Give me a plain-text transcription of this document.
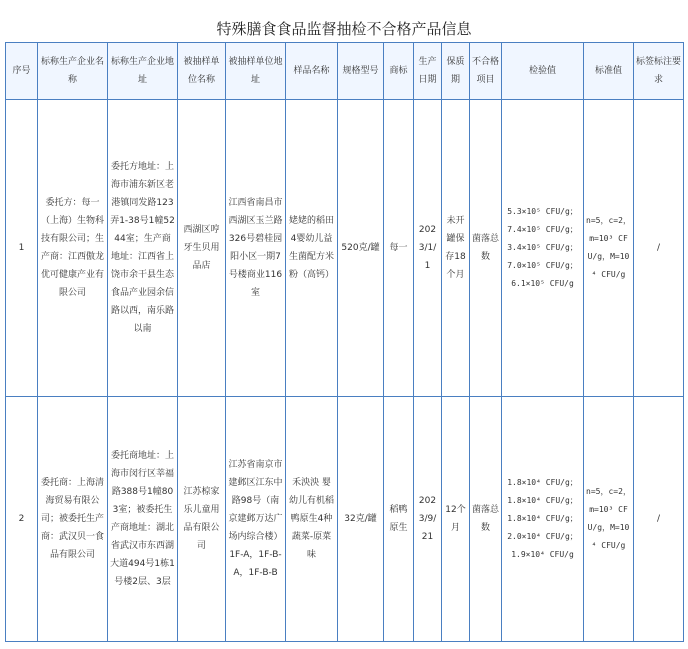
特殊膳食食品监督抽检不合格产品信息
序号	标称生产企业名称	标称生产企业地址	被抽样单位名称	被抽样单位地址	样品名称	规格型号	商标	生产日期	保质期	不合格项目	检验值	标准值	标签标注要求
1	委托方：每一（上海）生物科技有限公司；生产商：江西傲龙优可健康产业有限公司	委托方地址：上海市浦东新区老港镇同发路123弄1-38号1幢5244室；生产商地址：江西省上饶市余干县生态食品产业园余信路以西，南乐路以南	西湖区哼牙生贝用品店	江西省南昌市西湖区玉兰路326号碧桂园阳小区一期7号楼商业116室	姥姥的稻田4婴幼儿益生菌配方米粉（高钙）	520克/罐	每一	2023/1/1	未开罐保存18个月	菌落总数	5.3×10⁵ CFU/g；7.4×10⁵ CFU/g；3.4×10⁵ CFU/g；7.0×10⁵ CFU/g；6.1×10⁵ CFU/g	n=5，c=2，m=10³ CFU/g，M=10⁴ CFU/g	/
2	委托商：上海清海贸易有限公司；被委托生产商：武汉贝一食品有限公司	委托商地址：上海市闵行区莘福路388号1幢803室；被委托生产商地址：湖北省武汉市东西湖大道494号1栋1号楼2层、3层	江苏椋家乐儿童用品有限公司	江苏省南京市建邺区江东中路98号（南京建邺万达广场内综合楼）1F-A，1F-B-A，1F-B-B	禾泱泱 婴幼儿有机稻鸭原生4种蔬菜-原菜味	32克/罐	稻鸭原生	2023/9/21	12个月	菌落总数	1.8×10⁴ CFU/g；1.8×10⁴ CFU/g；1.8×10⁴ CFU/g；2.0×10⁴ CFU/g；1.9×10⁴ CFU/g	n=5，c=2，m=10³ CFU/g，M=10⁴ CFU/g	/
